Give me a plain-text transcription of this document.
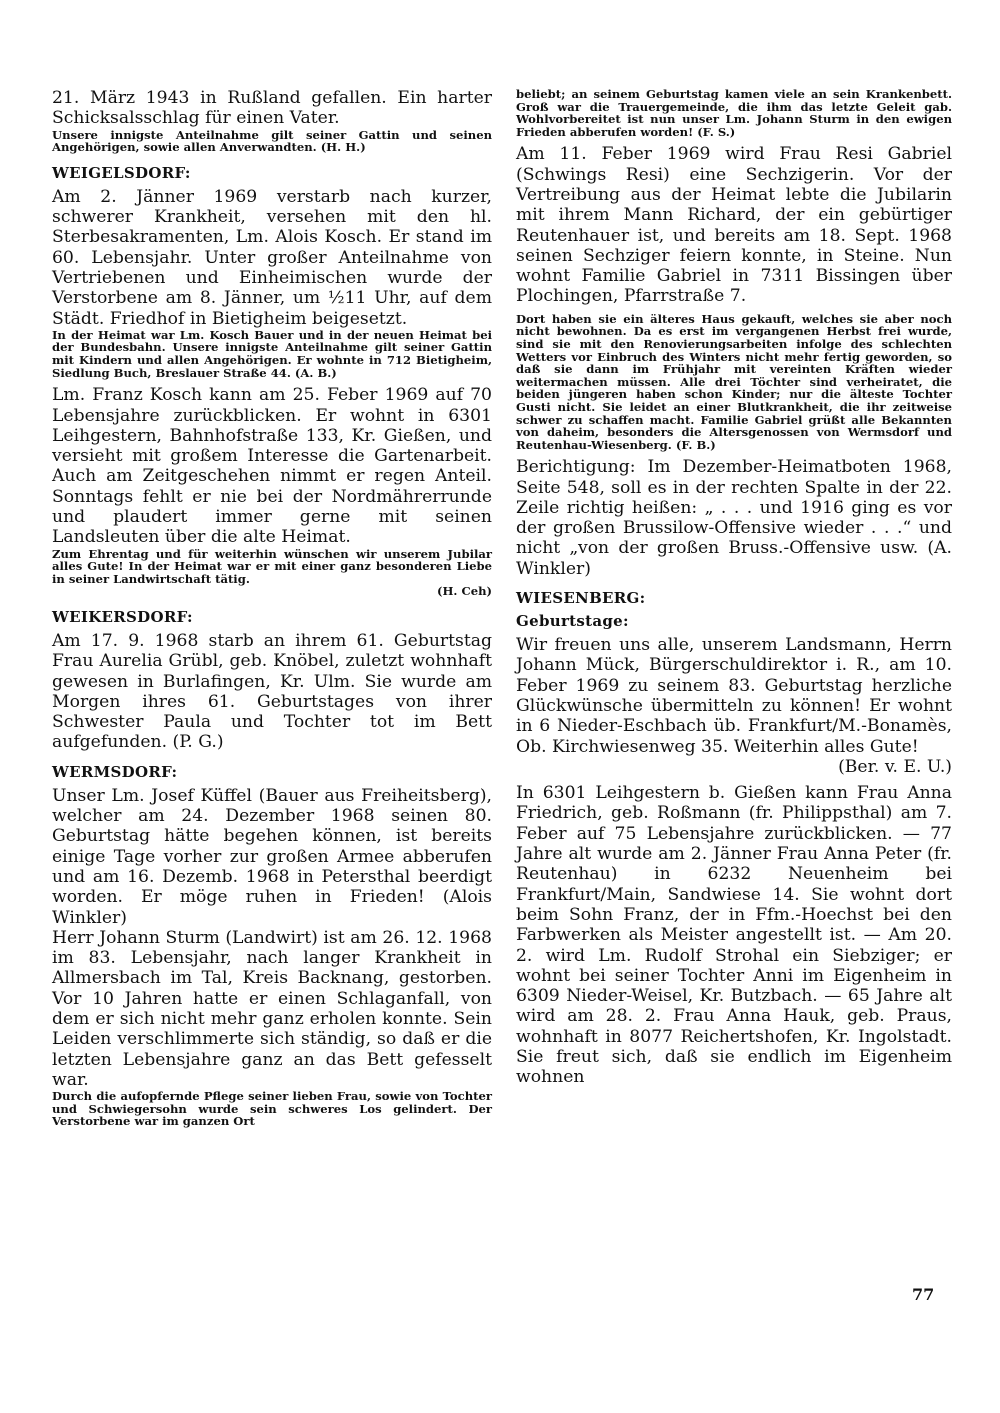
21. März 1943 in Rußland gefallen. Ein harter Schicksalsschlag für einen Vater.

Unsere innigste Anteilnahme gilt seiner Gattin und seinen Angehörigen, sowie allen Anverwandten. (H. H.)

WEIGELSDORF:

Am 2. Jänner 1969 verstarb nach kurzer, schwerer Krankheit, versehen mit den hl. Sterbesakramenten, Lm. Alois Kosch. Er stand im 60. Lebensjahr. Unter großer Anteilnahme von Vertriebenen und Einheimischen wurde der Verstorbene am 8. Jänner, um ½11 Uhr, auf dem Städt. Friedhof in Bietigheim beigesetzt.

In der Heimat war Lm. Kosch Bauer und in der neuen Heimat bei der Bundesbahn. Unsere innigste Anteilnahme gilt seiner Gattin mit Kindern und allen Angehörigen. Er wohnte in 712 Bietigheim, Siedlung Buch, Breslauer Straße 44. (A. B.)

Lm. Franz Kosch kann am 25. Feber 1969 auf 70 Lebensjahre zurückblicken. Er wohnt in 6301 Leihgestern, Bahnhofstraße 133, Kr. Gießen, und versieht mit großem Interesse die Gartenarbeit. Auch am Zeitgeschehen nimmt er regen Anteil. Sonntags fehlt er nie bei der Nordmährerrunde und plaudert immer gerne mit seinen Landsleuten über die alte Heimat.

Zum Ehrentag und für weiterhin wünschen wir unserem Jubilar alles Gute! In der Heimat war er mit einer ganz besonderen Liebe in seiner Landwirtschaft tätig.

(H. Ceh)

WEIKERSDORF:

Am 17. 9. 1968 starb an ihrem 61. Geburtstag Frau Aurelia Grübl, geb. Knöbel, zuletzt wohnhaft gewesen in Burlafingen, Kr. Ulm. Sie wurde am Morgen ihres 61. Geburtstages von ihrer Schwester Paula und Tochter tot im Bett aufgefunden. (P. G.)

WERMSDORF:

Unser Lm. Josef Küffel (Bauer aus Freiheitsberg), welcher am 24. Dezember 1968 seinen 80. Geburtstag hätte begehen können, ist bereits einige Tage vorher zur großen Armee abberufen und am 16. Dezemb. 1968 in Petersthal beerdigt worden. Er möge ruhen in Frieden! (Alois Winkler)

Herr Johann Sturm (Landwirt) ist am 26. 12. 1968 im 83. Lebensjahr, nach langer Krankheit in Allmersbach im Tal, Kreis Backnang, gestorben. Vor 10 Jahren hatte er einen Schlaganfall, von dem er sich nicht mehr ganz erholen konnte. Sein Leiden verschlimmerte sich ständig, so daß er die letzten Lebensjahre ganz an das Bett gefesselt war.

Durch die aufopfernde Pflege seiner lieben Frau, sowie von Tochter und Schwiegersohn wurde sein schweres Los gelindert. Der Verstorbene war im ganzen Ort

beliebt; an seinem Geburtstag kamen viele an sein Krankenbett. Groß war die Trauergemeinde, die ihm das letzte Geleit gab. Wohlvorbereitet ist nun unser Lm. Johann Sturm in den ewigen Frieden abberufen worden! (F. S.)

Am 11. Feber 1969 wird Frau Resi Gabriel (Schwings Resi) eine Sechzigerin. Vor der Vertreibung aus der Heimat lebte die Jubilarin mit ihrem Mann Richard, der ein gebürtiger Reutenhauer ist, und bereits am 18. Sept. 1968 seinen Sechziger feiern konnte, in Steine. Nun wohnt Familie Gabriel in 7311 Bissingen über Plochingen, Pfarrstraße 7.

Dort haben sie ein älteres Haus gekauft, welches sie aber noch nicht bewohnen. Da es erst im vergangenen Herbst frei wurde, sind sie mit den Renovierungsarbeiten infolge des schlechten Wetters vor Einbruch des Winters nicht mehr fertig geworden, so daß sie dann im Frühjahr mit vereinten Kräften wieder weitermachen müssen. Alle drei Töchter sind verheiratet, die beiden jüngeren haben schon Kinder; nur die älteste Tochter Gusti nicht. Sie leidet an einer Blutkrankheit, die ihr zeitweise schwer zu schaffen macht. Familie Gabriel grüßt alle Bekannten von daheim, besonders die Altersgenossen von Wermsdorf und Reutenhau-Wiesenberg. (F. B.)

Berichtigung: Im Dezember-Heimatboten 1968, Seite 548, soll es in der rechten Spalte in der 22. Zeile richtig heißen: „ . . . und 1916 ging es vor der großen Brussilow-Offensive wieder . . .“ und nicht „von der großen Bruss.-Offensive usw. (A. Winkler)

WIESENBERG:

Geburtstage:

Wir freuen uns alle, unserem Landsmann, Herrn Johann Mück, Bürgerschuldirektor i. R., am 10. Feber 1969 zu seinem 83. Geburtstag herzliche Glückwünsche übermitteln zu können! Er wohnt in 6 Nieder-Eschbach üb. Frankfurt/M.-Bonamès, Ob. Kirchwiesenweg 35. Weiterhin alles Gute!

(Ber. v. E. U.)

In 6301 Leihgestern b. Gießen kann Frau Anna Friedrich, geb. Roßmann (fr. Philippsthal) am 7. Feber auf 75 Lebensjahre zurückblicken. — 77 Jahre alt wurde am 2. Jänner Frau Anna Peter (fr. Reutenhau) in 6232 Neuenheim bei Frankfurt/Main, Sandwiese 14. Sie wohnt dort beim Sohn Franz, der in Ffm.-Hoechst bei den Farbwerken als Meister angestellt ist. — Am 20. 2. wird Lm. Rudolf Strohal ein Siebziger; er wohnt bei seiner Tochter Anni im Eigenheim in 6309 Nieder-Weisel, Kr. Butzbach. — 65 Jahre alt wird am 28. 2. Frau Anna Hauk, geb. Praus, wohnhaft in 8077 Reichertshofen, Kr. Ingolstadt. Sie freut sich, daß sie endlich im Eigenheim wohnen

77
